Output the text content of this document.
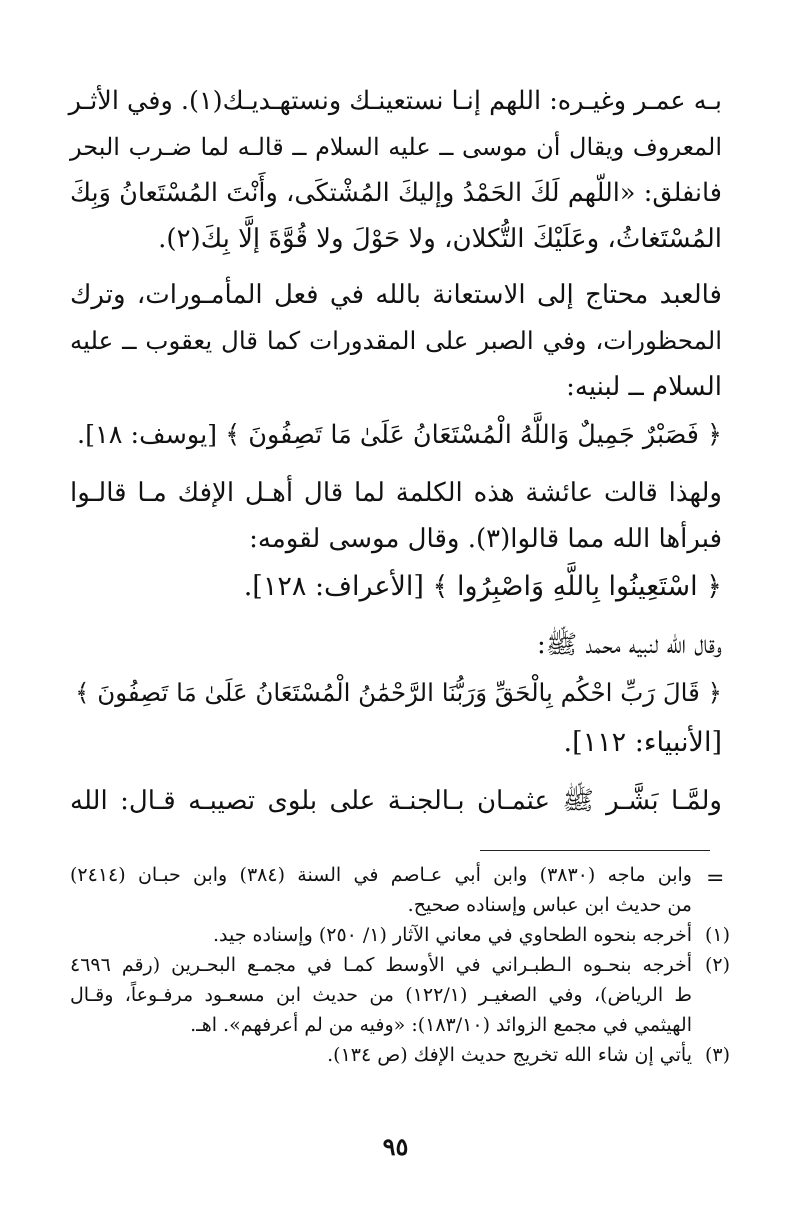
بـه عمـر وغيـره: اللهم إنـا نستعينـك ونستهـديـك(١). وفي الأثـر
المعروف ويقال أن موسى ــ عليه السلام ــ قالـه لما ضـرب البحر
فانفلق: «اللّهم لَكَ الحَمْدُ وإليكَ المُشْتكَى، وأَنْتَ المُسْتَعانُ وَبِكَ
المُسْتَغاثُ، وعَلَيْكَ التُّكلان، ولا حَوْلَ ولا قُوَّةَ إلَّا بِكَ(٢).
فالعبد محتاج إلى الاستعانة بالله في فعل المأمـورات، وترك
المحظورات، وفي الصبر على المقدورات كما قال يعقوب ــ عليه
السلام ــ لبنيه:
﴿ فَصَبْرٌ جَمِيلٌ وَاللَّهُ الْمُسْتَعَانُ عَلَىٰ مَا تَصِفُونَ ﴾ [يوسف: ١٨].
ولهذا قالت عائشة هذه الكلمة لما قال أهـل الإفك مـا قالـوا
فبرأها الله مما قالوا(٣). وقال موسى لقومه:
﴿ اسْتَعِينُوا بِاللَّهِ وَاصْبِرُوا ﴾ [الأعراف: ١٢٨].
وقال الله لنبيه محمد ﷺ:
﴿ قَالَ رَبِّ احْكُم بِالْحَقِّ وَرَبُّنَا الرَّحْمَٰنُ الْمُسْتَعَانُ عَلَىٰ مَا تَصِفُونَ ﴾
[الأنبياء: ١١٢].
ولمَّـا بَشَّـر ﷺ عثمـان بـالجنـة على بلوى تصيبـه قـال: الله
=
وابن ماجه (٣٨٣٠) وابن أبي عـاصم في السنة (٣٨٤) وابن حبـان (٢٤١٤)
من حديث ابن عباس وإسناده صحيح.
(١)
أخرجه بنحوه الطحاوي في معاني الآثار (١/ ٢٥٠) وإسناده جيد.
(٢)
أخرجه بنحـوه الـطبـراني في الأوسط كمـا في مجمـع البحـرين (رقم ٤٦٩٦
ط الرياض)، وفي الصغيـر (١٢٢/١) من حديث ابن مسعـود مرفـوعاً، وقـال
الهيثمي في مجمع الزوائد (١٨٣/١٠): «وفيه من لم أعرفهم». اهـ.
(٣)
يأتي إن شاء الله تخريج حديث الإفك (ص ١٣٤).
٩٥
